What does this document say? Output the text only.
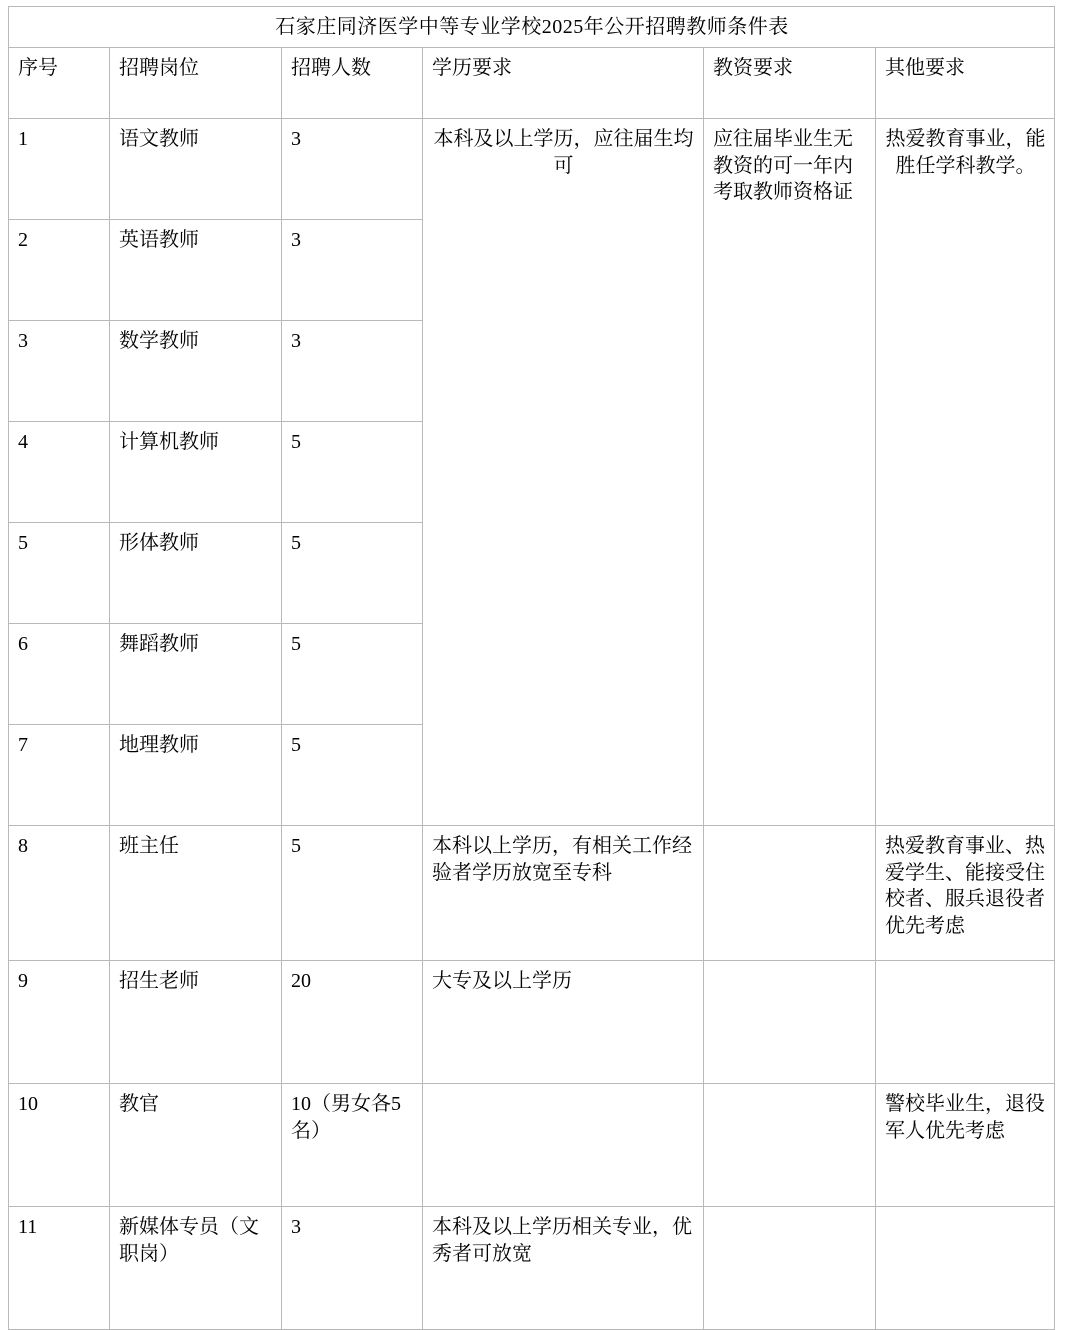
石家庄同济医学中等专业学校2025年公开招聘教师条件表					
序号	招聘岗位	招聘人数	学历要求	教资要求	其他要求
1	语文教师	3	本科及以上学历，应往届生均可	应往届毕业生无教资的可一年内考取教师资格证	热爱教育事业，能胜任学科教学。
2	英语教师	3			
3	数学教师	3			
4	计算机教师	5			
5	形体教师	5			
6	舞蹈教师	5			
7	地理教师	5			
8	班主任	5	本科以上学历，有相关工作经验者学历放宽至专科		热爱教育事业、热爱学生、能接受住校者、服兵退役者优先考虑
9	招生老师	20	大专及以上学历		
10	教官	10（男女各5名）			警校毕业生，退役军人优先考虑
11	新媒体专员（文职岗）	3	本科及以上学历相关专业，优秀者可放宽		
